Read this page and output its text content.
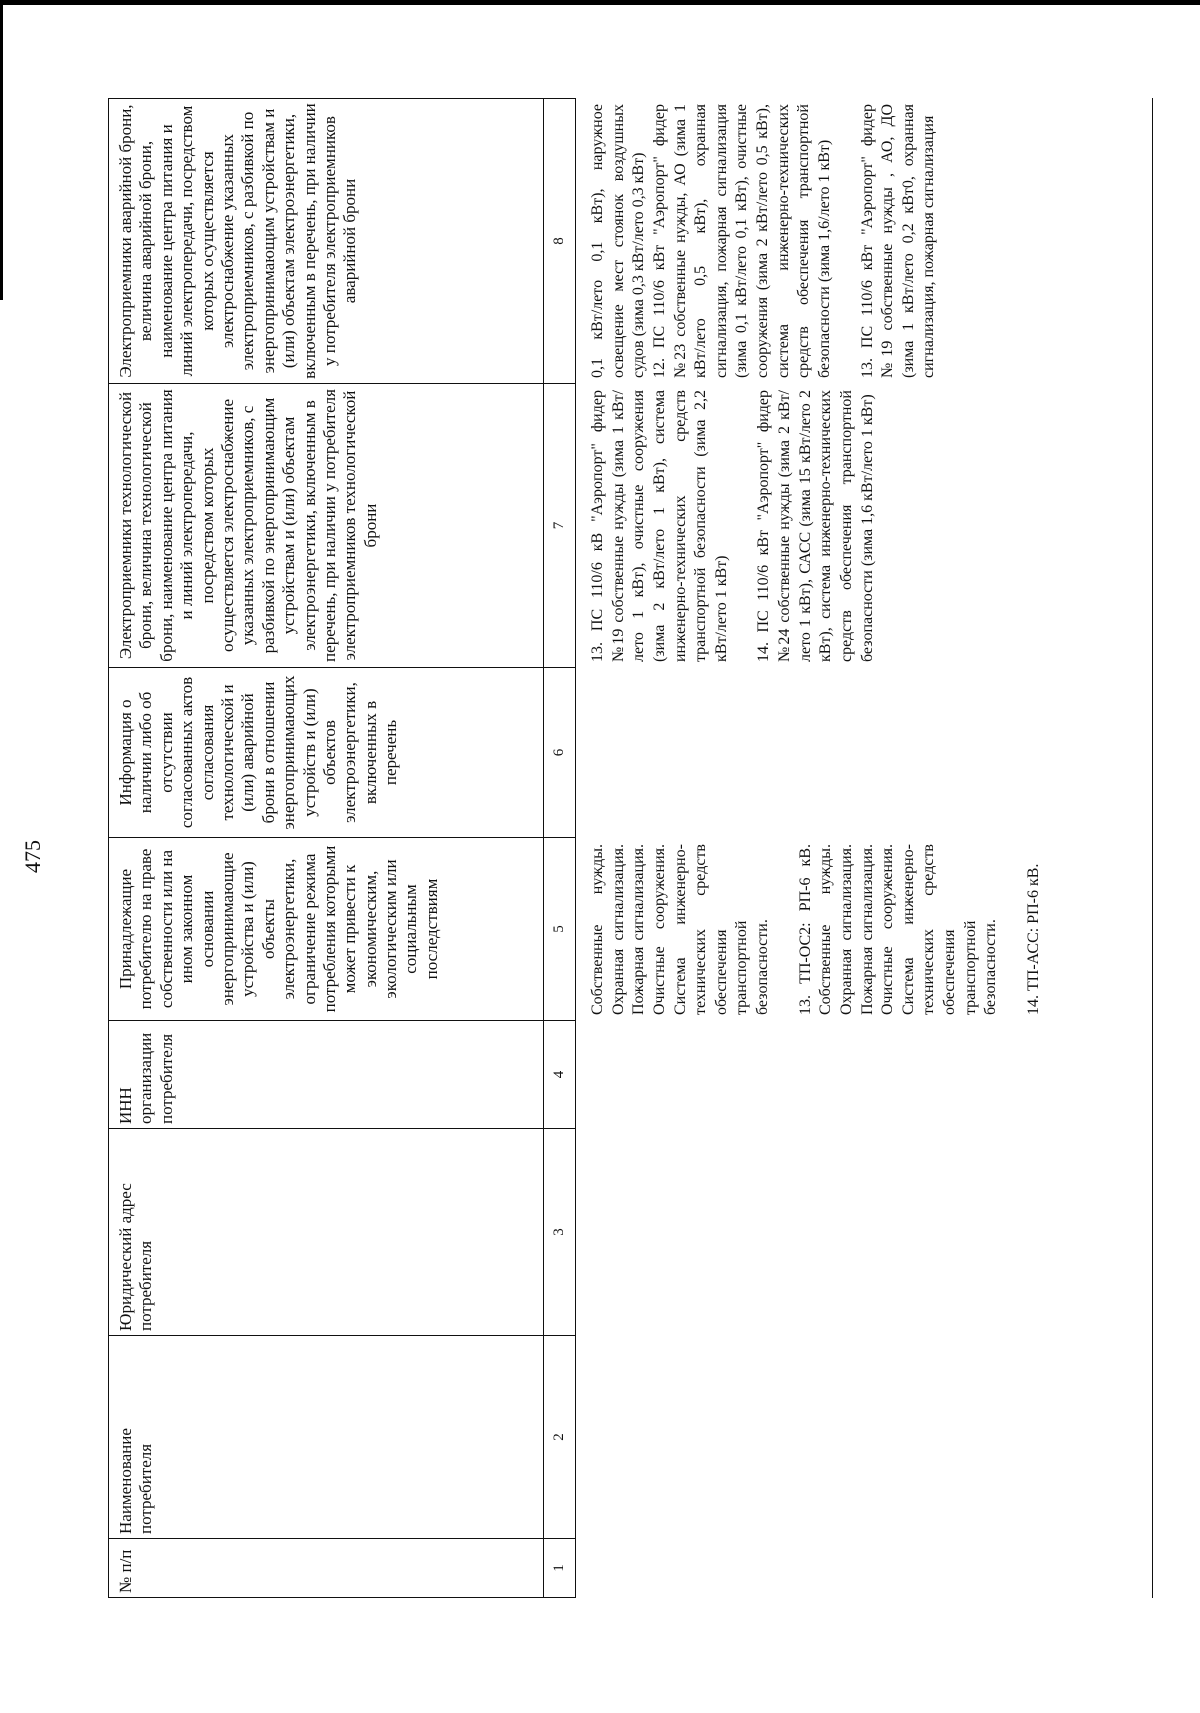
475
№ п/п
Наименование потребителя
Юридический адрес потребителя
ИНН организации потребителя
Принадлежащие потребителю на праве собственности или на ином законном основании энергопринимающие устройства и (или) объекты электроэнергетики, ограничение режима потребления которыми может привести к экономическим, экологическим или социальным последствиям
Информация о наличии либо об отсутствии согласованных актов согласования технологической и (или) аварийной брони в отношении энергопринимающих устройств и (или) объектов электроэнергетики, включенных в перечень
Электроприемники технологической брони, величина технологической брони, наименование центра питания и линий электропередачи, посредством которых осуществляется электроснабжение указанных электроприемников, с разбивкой по энергопринимающим устройствам и (или) объектам электроэнергетики, включенным в перечень, при наличии у потребителя электроприемников технологической брони
Электроприемники аварийной брони, величина аварийной брони, наименование центра питания и линий электропередачи, посредством которых осуществляется электроснабжение указанных электроприемников, с разбивкой по энергопринимающим устройствам и (или) объектам электроэнергетики, включенным в перечень, при наличии у потребителя электроприемников аварийной брони
1
2
3
4
5
6
7
8

Собственные нужды. Охранная сигнализация. Пожарная сигнализация. Очистные сооружения. Система инженерно-технических средств обеспечения транспортной безопасности. 13. ТП-ОС2: РП-6 кВ. Собственные нужды. Охранная сигнализация. Пожарная сигнализация. Очистные сооружения. Система инженерно-технических средств обеспечения транспортной безопасности. 14. ТП-АСС: РП-6 кВ.

13. ПС 110/6 кВ "Аэропорт" фидер №19 собственные нужды (зима 1 кВт/лето 1 кВт), очистные сооружения (зима 2 кВт/лето 1 кВт), система инженерно-технических средств транспортной безопасности (зима 2,2 кВт/лето 1 кВт) 14. ПС 110/6 кВт "Аэропорт" фидер №24 собственные нужды (зима 2 кВт/лето 1 кВт), САСС (зима 15 кВт/лето 2 кВт), система инженерно-технических средств обеспечения транспортной безопасности (зима 1,6 кВт/лето 1 кВт)

0,1 кВт/лето 0,1 кВт), наружное освещение мест стоянок воздушных судов (зима 0,3 кВт/лето 0,3 кВт) 12. ПС 110/6 кВт "Аэропорт" фидер №23 собственные нужды, АО (зима 1 кВт/лето 0,5 кВт), охранная сигнализация, пожарная сигнализация (зима 0,1 кВт/лето 0,1 кВт), очистные сооружения (зима 2 кВт/лето 0,5 кВт), система инженерно-технических средств обеспечения транспортной безопасности (зима 1,6/лето 1 кВт) 13. ПС 110/6 кВт "Аэропорт" фидер №19 собственные нужды , АО, ДО (зима 1 кВт/лето 0,2 кВт0, охранная сигнализация, пожарная сигнализация
